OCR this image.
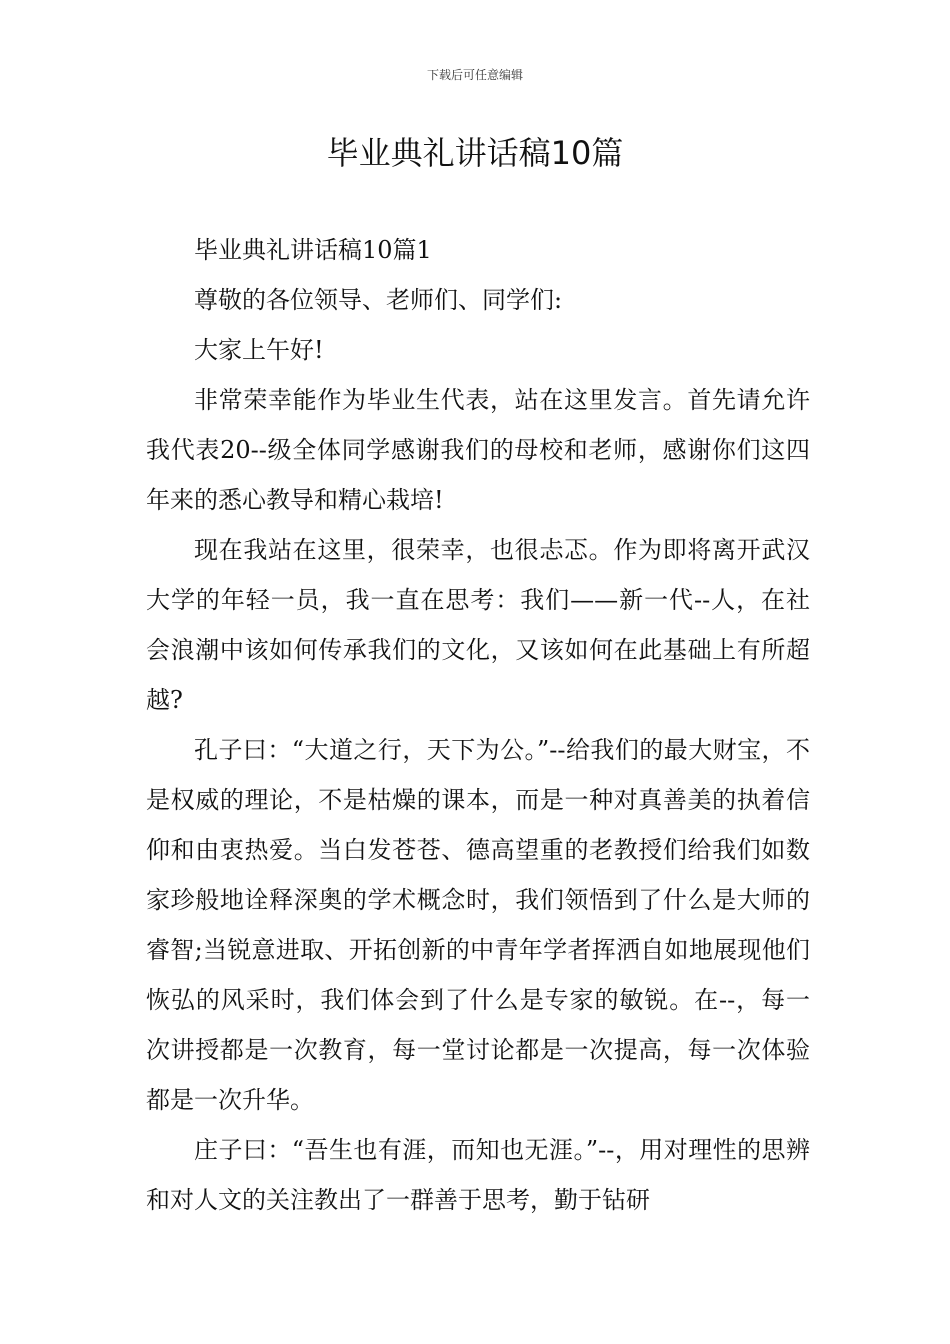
下载后可任意编辑
毕业典礼讲话稿10篇

毕业典礼讲话稿10篇1

尊敬的各位领导、老师们、同学们:

大家上午好!

非常荣幸能作为毕业生代表，站在这里发言。首先请允许我代表20--级全体同学感谢我们的母校和老师，感谢你们这四年来的悉心教导和精心栽培!

现在我站在这里，很荣幸，也很忐忑。作为即将离开武汉大学的年轻一员，我一直在思考：我们——新一代--人，在社会浪潮中该如何传承我们的文化，又该如何在此基础上有所超越?

孔子曰：“大道之行，天下为公。”--给我们的最大财宝，不是权威的理论，不是枯燥的课本，而是一种对真善美的执着信仰和由衷热爱。当白发苍苍、德高望重的老教授们给我们如数家珍般地诠释深奥的学术概念时，我们领悟到了什么是大师的睿智;当锐意进取、开拓创新的中青年学者挥洒自如地展现他们恢弘的风采时，我们体会到了什么是专家的敏锐。在--，每一次讲授都是一次教育，每一堂讨论都是一次提高，每一次体验都是一次升华。

庄子曰：“吾生也有涯，而知也无涯。”--，用对理性的思辨和对人文的关注教出了一群善于思考，勤于钻研
